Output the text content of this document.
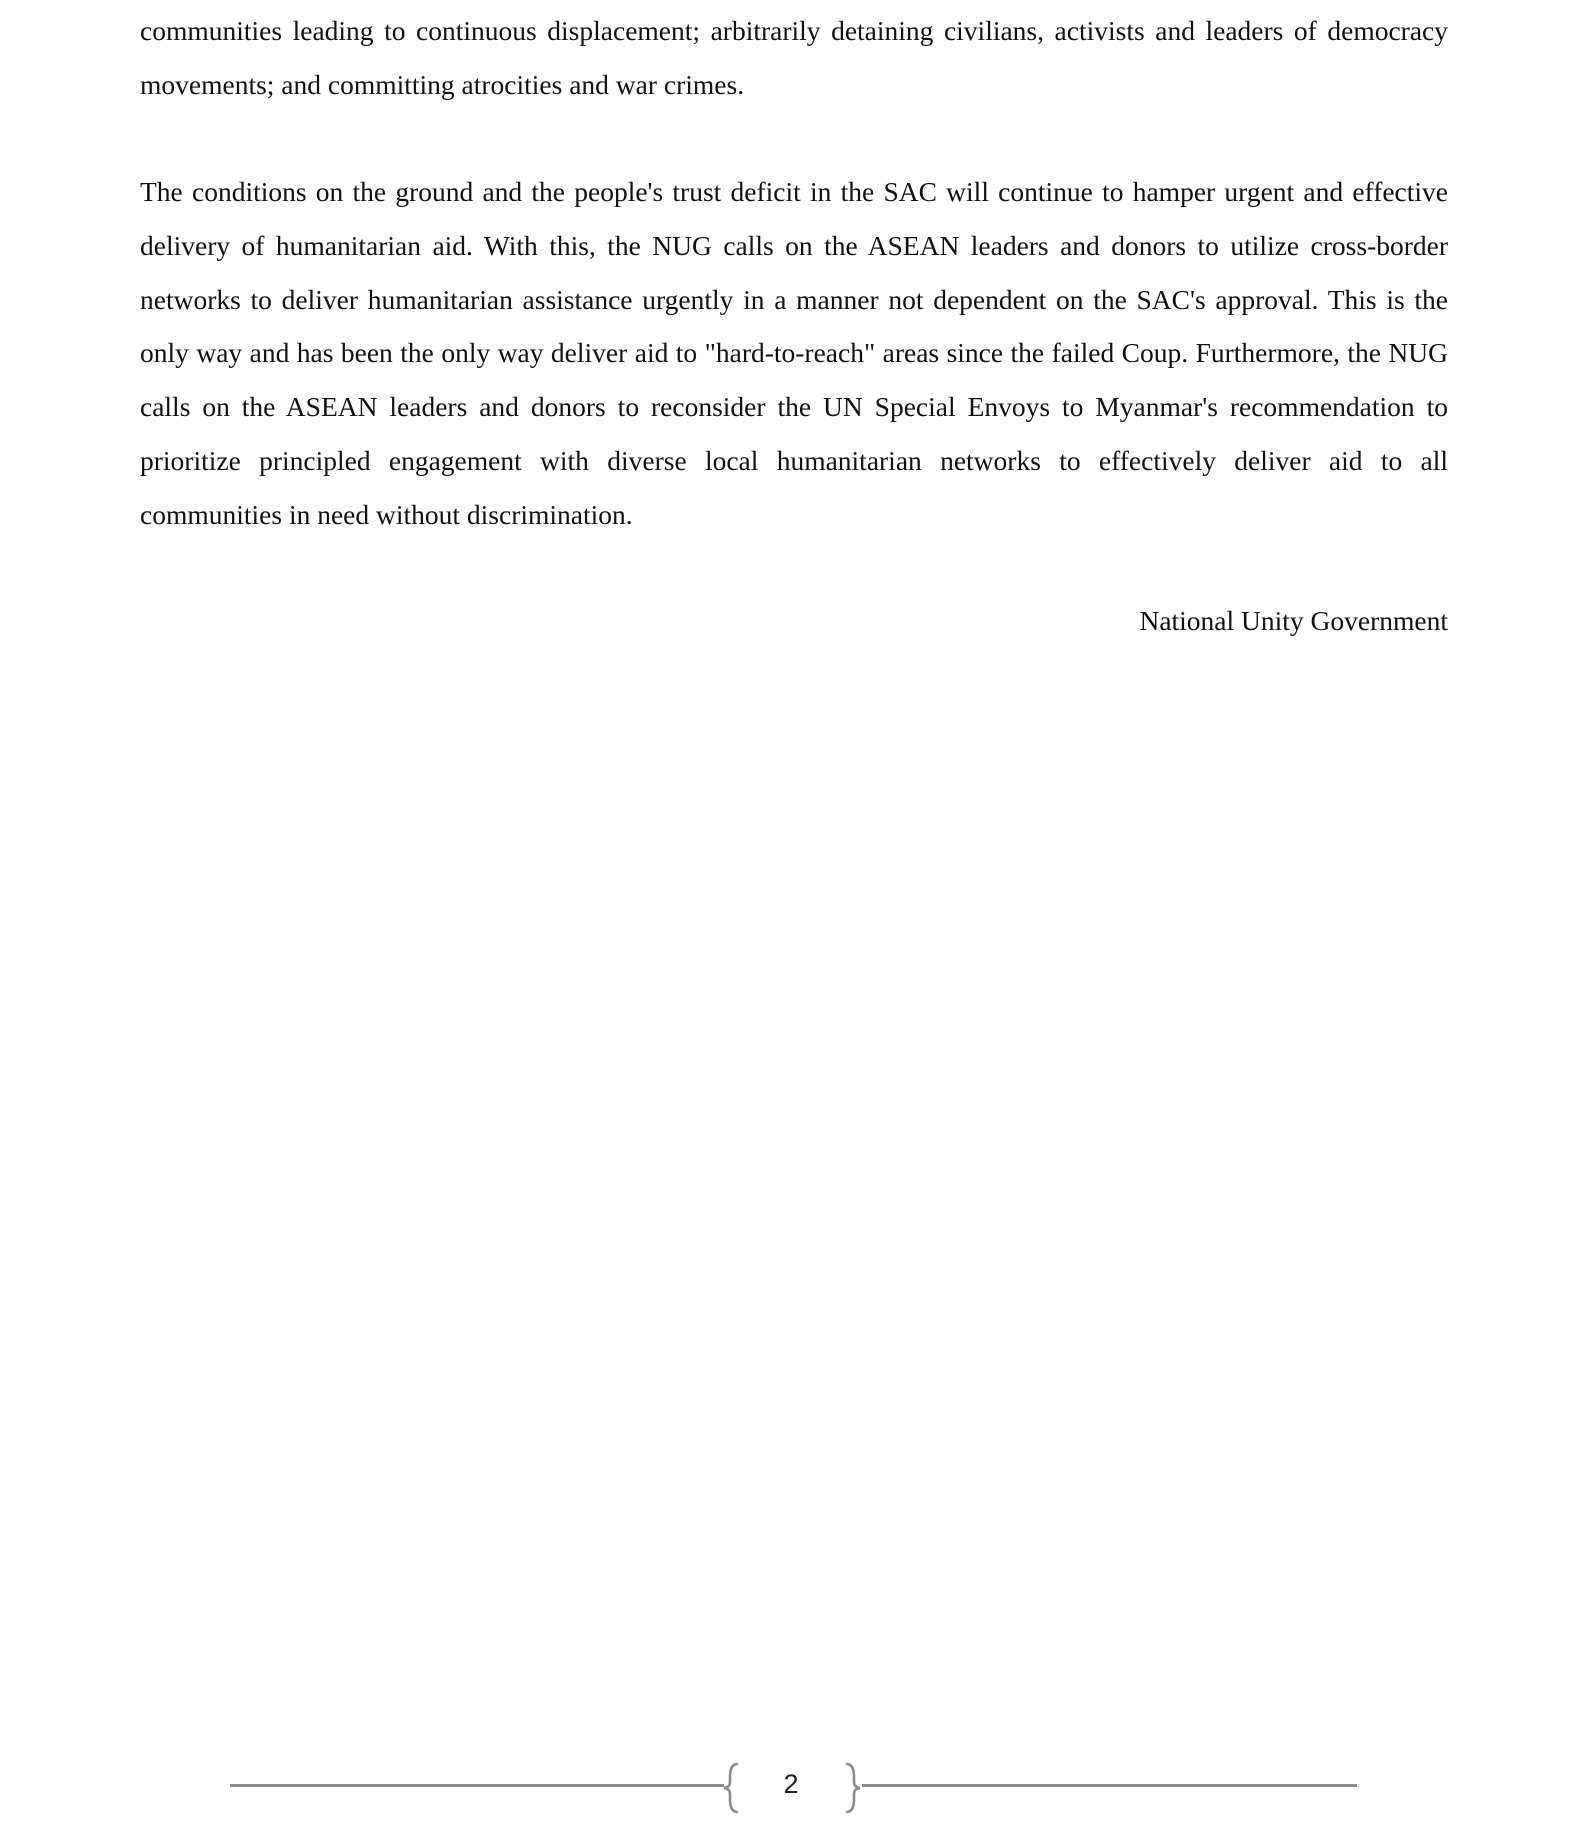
communities leading to continuous displacement; arbitrarily detaining civilians, activists and leaders of democracy movements; and committing atrocities and war crimes.

The conditions on the ground and the people's trust deficit in the SAC will continue to hamper urgent and effective delivery of humanitarian aid. With this, the NUG calls on the ASEAN leaders and donors to utilize cross-border networks to deliver humanitarian assistance urgently in a manner not dependent on the SAC's approval. This is the only way and has been the only way deliver aid to "hard-to-reach" areas since the failed Coup. Furthermore, the NUG calls on the ASEAN leaders and donors to reconsider the UN Special Envoys to Myanmar's recommendation to prioritize principled engagement with diverse local humanitarian networks to effectively deliver aid to all communities in need without discrimination.

National Unity Government
2
